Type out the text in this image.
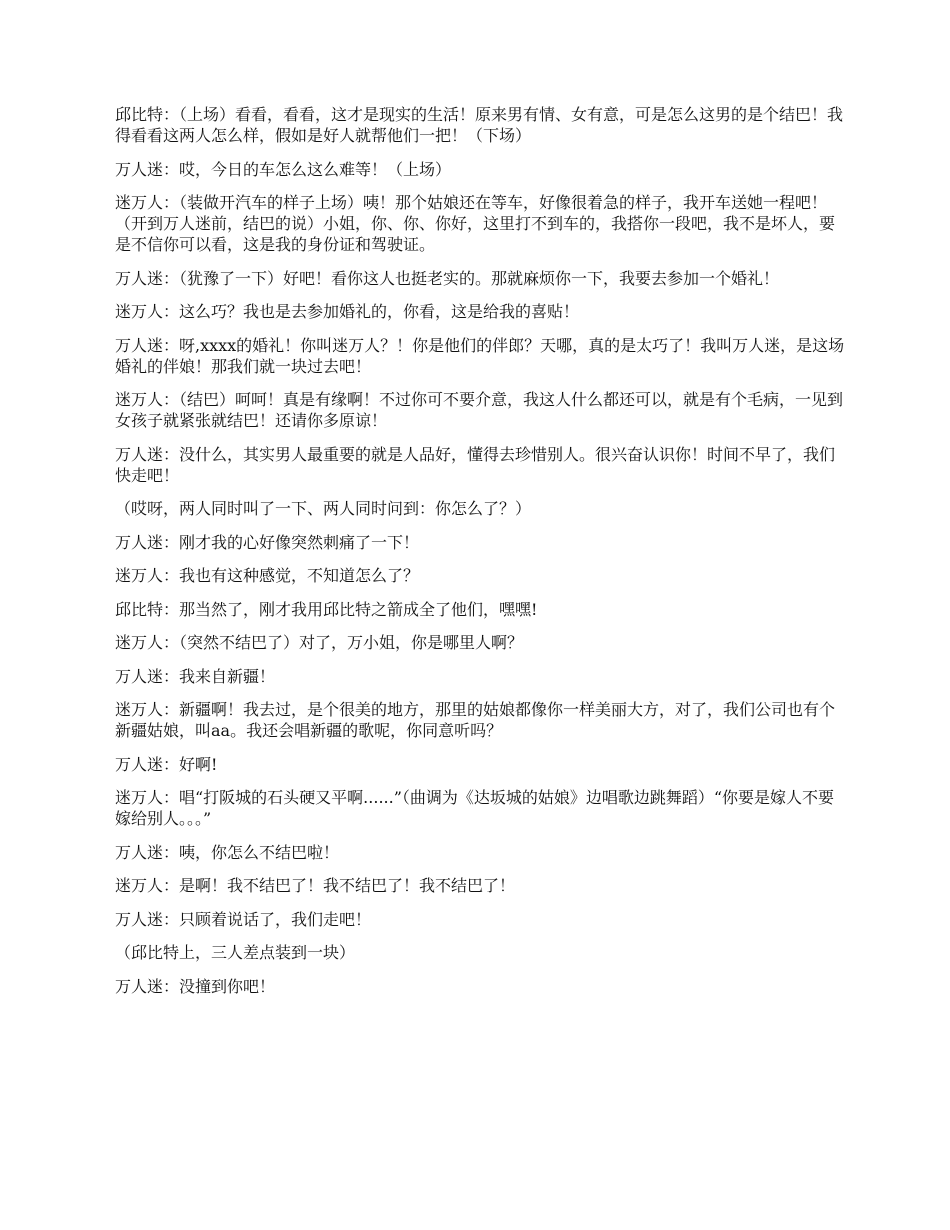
邱比特：（上场）看看，看看，这才是现实的生活！原来男有情、女有意，可是怎么这男的是个结巴！我得看看这两人怎么样，假如是好人就帮他们一把！（下场）

万人迷：哎，今日的车怎么这么难等！（上场）

迷万人：（装做开汽车的样子上场）咦！那个姑娘还在等车，好像很着急的样子，我开车送她一程吧！（开到万人迷前，结巴的说）小姐，你、你、你好，这里打不到车的，我搭你一段吧，我不是坏人，要是不信你可以看，这是我的身份证和驾驶证。

万人迷：（犹豫了一下）好吧！看你这人也挺老实的。那就麻烦你一下，我要去参加一个婚礼！

迷万人：这么巧？我也是去参加婚礼的，你看，这是给我的喜贴！

万人迷：呀,xxxx的婚礼！你叫迷万人？！你是他们的伴郎？天哪，真的是太巧了！我叫万人迷，是这场婚礼的伴娘！那我们就一块过去吧！

迷万人：（结巴）呵呵！真是有缘啊！不过你可不要介意，我这人什么都还可以，就是有个毛病，一见到女孩子就紧张就结巴！还请你多原谅！

万人迷：没什么，其实男人最重要的就是人品好，懂得去珍惜别人。很兴奋认识你！时间不早了，我们快走吧！

（哎呀，两人同时叫了一下、两人同时问到：你怎么了？）

万人迷：刚才我的心好像突然刺痛了一下！

迷万人：我也有这种感觉，不知道怎么了？

邱比特：那当然了，刚才我用邱比特之箭成全了他们，嘿嘿!

迷万人：（突然不结巴了）对了，万小姐，你是哪里人啊？

万人迷：我来自新疆！

迷万人：新疆啊！我去过，是个很美的地方，那里的姑娘都像你一样美丽大方，对了，我们公司也有个新疆姑娘，叫aa。我还会唱新疆的歌呢，你同意听吗？

万人迷：好啊!

迷万人：唱“打阪城的石头硬又平啊......”（曲调为《达坂城的姑娘》边唱歌边跳舞蹈）“你要是嫁人不要嫁给别人。。。”

万人迷：咦，你怎么不结巴啦！

迷万人：是啊！我不结巴了！我不结巴了！我不结巴了！

万人迷：只顾着说话了，我们走吧！

（邱比特上，三人差点装到一块）

万人迷：没撞到你吧！
